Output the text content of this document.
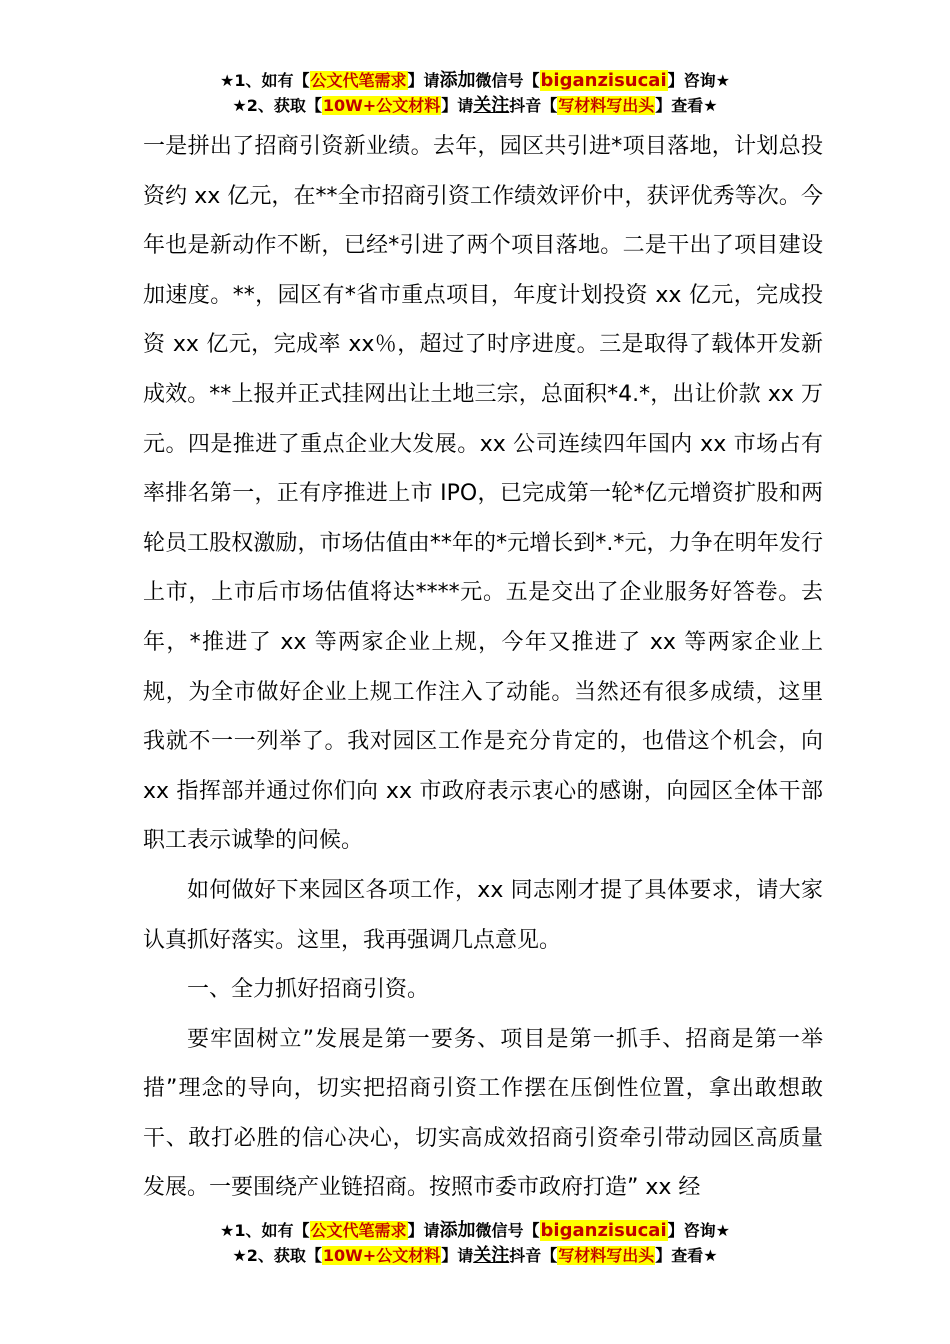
★1、如有【公文代笔需求】请添加微信号【biganzisucai】咨询★
★2、获取【10W+公文材料】请关注抖音【写材料写出头】查看★

一是拼出了招商引资新业绩。去年，园区共引进*项目落地，计划总投资约 xx 亿元，在**全市招商引资工作绩效评价中，获评优秀等次。今年也是新动作不断，已经*引进了两个项目落地。二是干出了项目建设加速度。**，园区有*省市重点项目，年度计划投资 xx 亿元，完成投资 xx 亿元，完成率 xx％，超过了时序进度。三是取得了载体开发新成效。**上报并正式挂网出让土地三宗，总面积*4.*，出让价款 xx 万元。四是推进了重点企业大发展。xx 公司连续四年国内 xx 市场占有率排名第一，正有序推进上市 IPO，已完成第一轮*亿元增资扩股和两轮员工股权激励，市场估值由**年的*元增长到*.*元，力争在明年发行上市，上市后市场估值将达****元。五是交出了企业服务好答卷。去年，*推进了 xx 等两家企业上规，今年又推进了 xx 等两家企业上规，为全市做好企业上规工作注入了动能。当然还有很多成绩，这里我就不一一列举了。我对园区工作是充分肯定的，也借这个机会，向 xx 指挥部并通过你们向 xx 市政府表示衷心的感谢，向园区全体干部职工表示诚挚的问候。

如何做好下来园区各项工作，xx 同志刚才提了具体要求，请大家认真抓好落实。这里，我再强调几点意见。

一、全力抓好招商引资。

要牢固树立”发展是第一要务、项目是第一抓手、招商是第一举措”理念的导向，切实把招商引资工作摆在压倒性位置，拿出敢想敢干、敢打必胜的信心决心，切实高成效招商引资牵引带动园区高质量发展。一要围绕产业链招商。按照市委市政府打造” xx 经

★1、如有【公文代笔需求】请添加微信号【biganzisucai】咨询★
★2、获取【10W+公文材料】请关注抖音【写材料写出头】查看★
